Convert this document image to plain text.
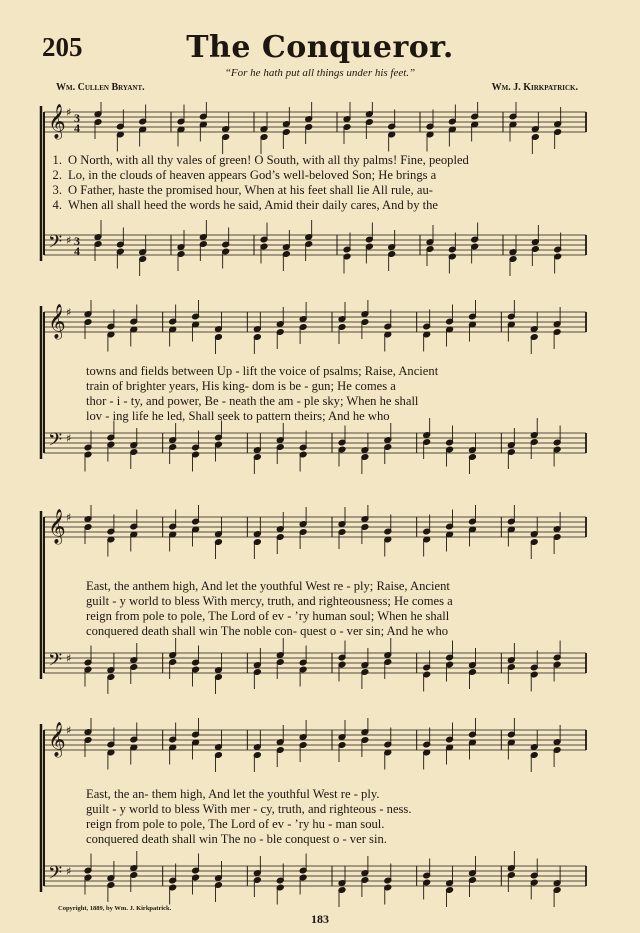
205	The Conqueror.
“For he hath put all things under his feet.”
Wm. Cullen Bryant.	Wm. J. Kirkpatrick.
𝄞
𝄢
♯
♯
3
4
3
4
1. O North, with all thy vales of green! O South, with all thy palms! Fine, peopled
2. Lo, in the clouds of heaven appears God’s well-beloved Son; He brings a
3. O Father, haste the promised hour, When at his feet shall lie All rule, au-
4. When all shall heed the words he said, Amid their daily cares, And by the
𝄞
𝄢
♯
♯
towns and fields between Up - lift the voice of psalms; Raise, Ancient
train of brighter years, His king- dom is be - gun; He comes a
thor - i - ty, and power, Be - neath the am - ple sky; When he shall
lov - ing life he led, Shall seek to pattern theirs; And he who
𝄞
𝄢
♯
♯
East, the anthem high, And let the youthful West re - ply; Raise, Ancient
guilt - y world to bless With mercy, truth, and righteousness; He comes a
reign from pole to pole, The Lord of ev - ’ry human soul; When he shall
conquered death shall win The noble con- quest o - ver sin; And he who
𝄞
𝄢
♯
♯
East, the an- them high, And let the youthful West re - ply.
guilt - y world to bless With mer - cy, truth, and righteous - ness.
reign from pole to pole, The Lord of ev - ’ry hu - man soul.
conquered death shall win The no - ble conquest o - ver sin.
Copyright, 1889, by Wm. J. Kirkpatrick.
183
